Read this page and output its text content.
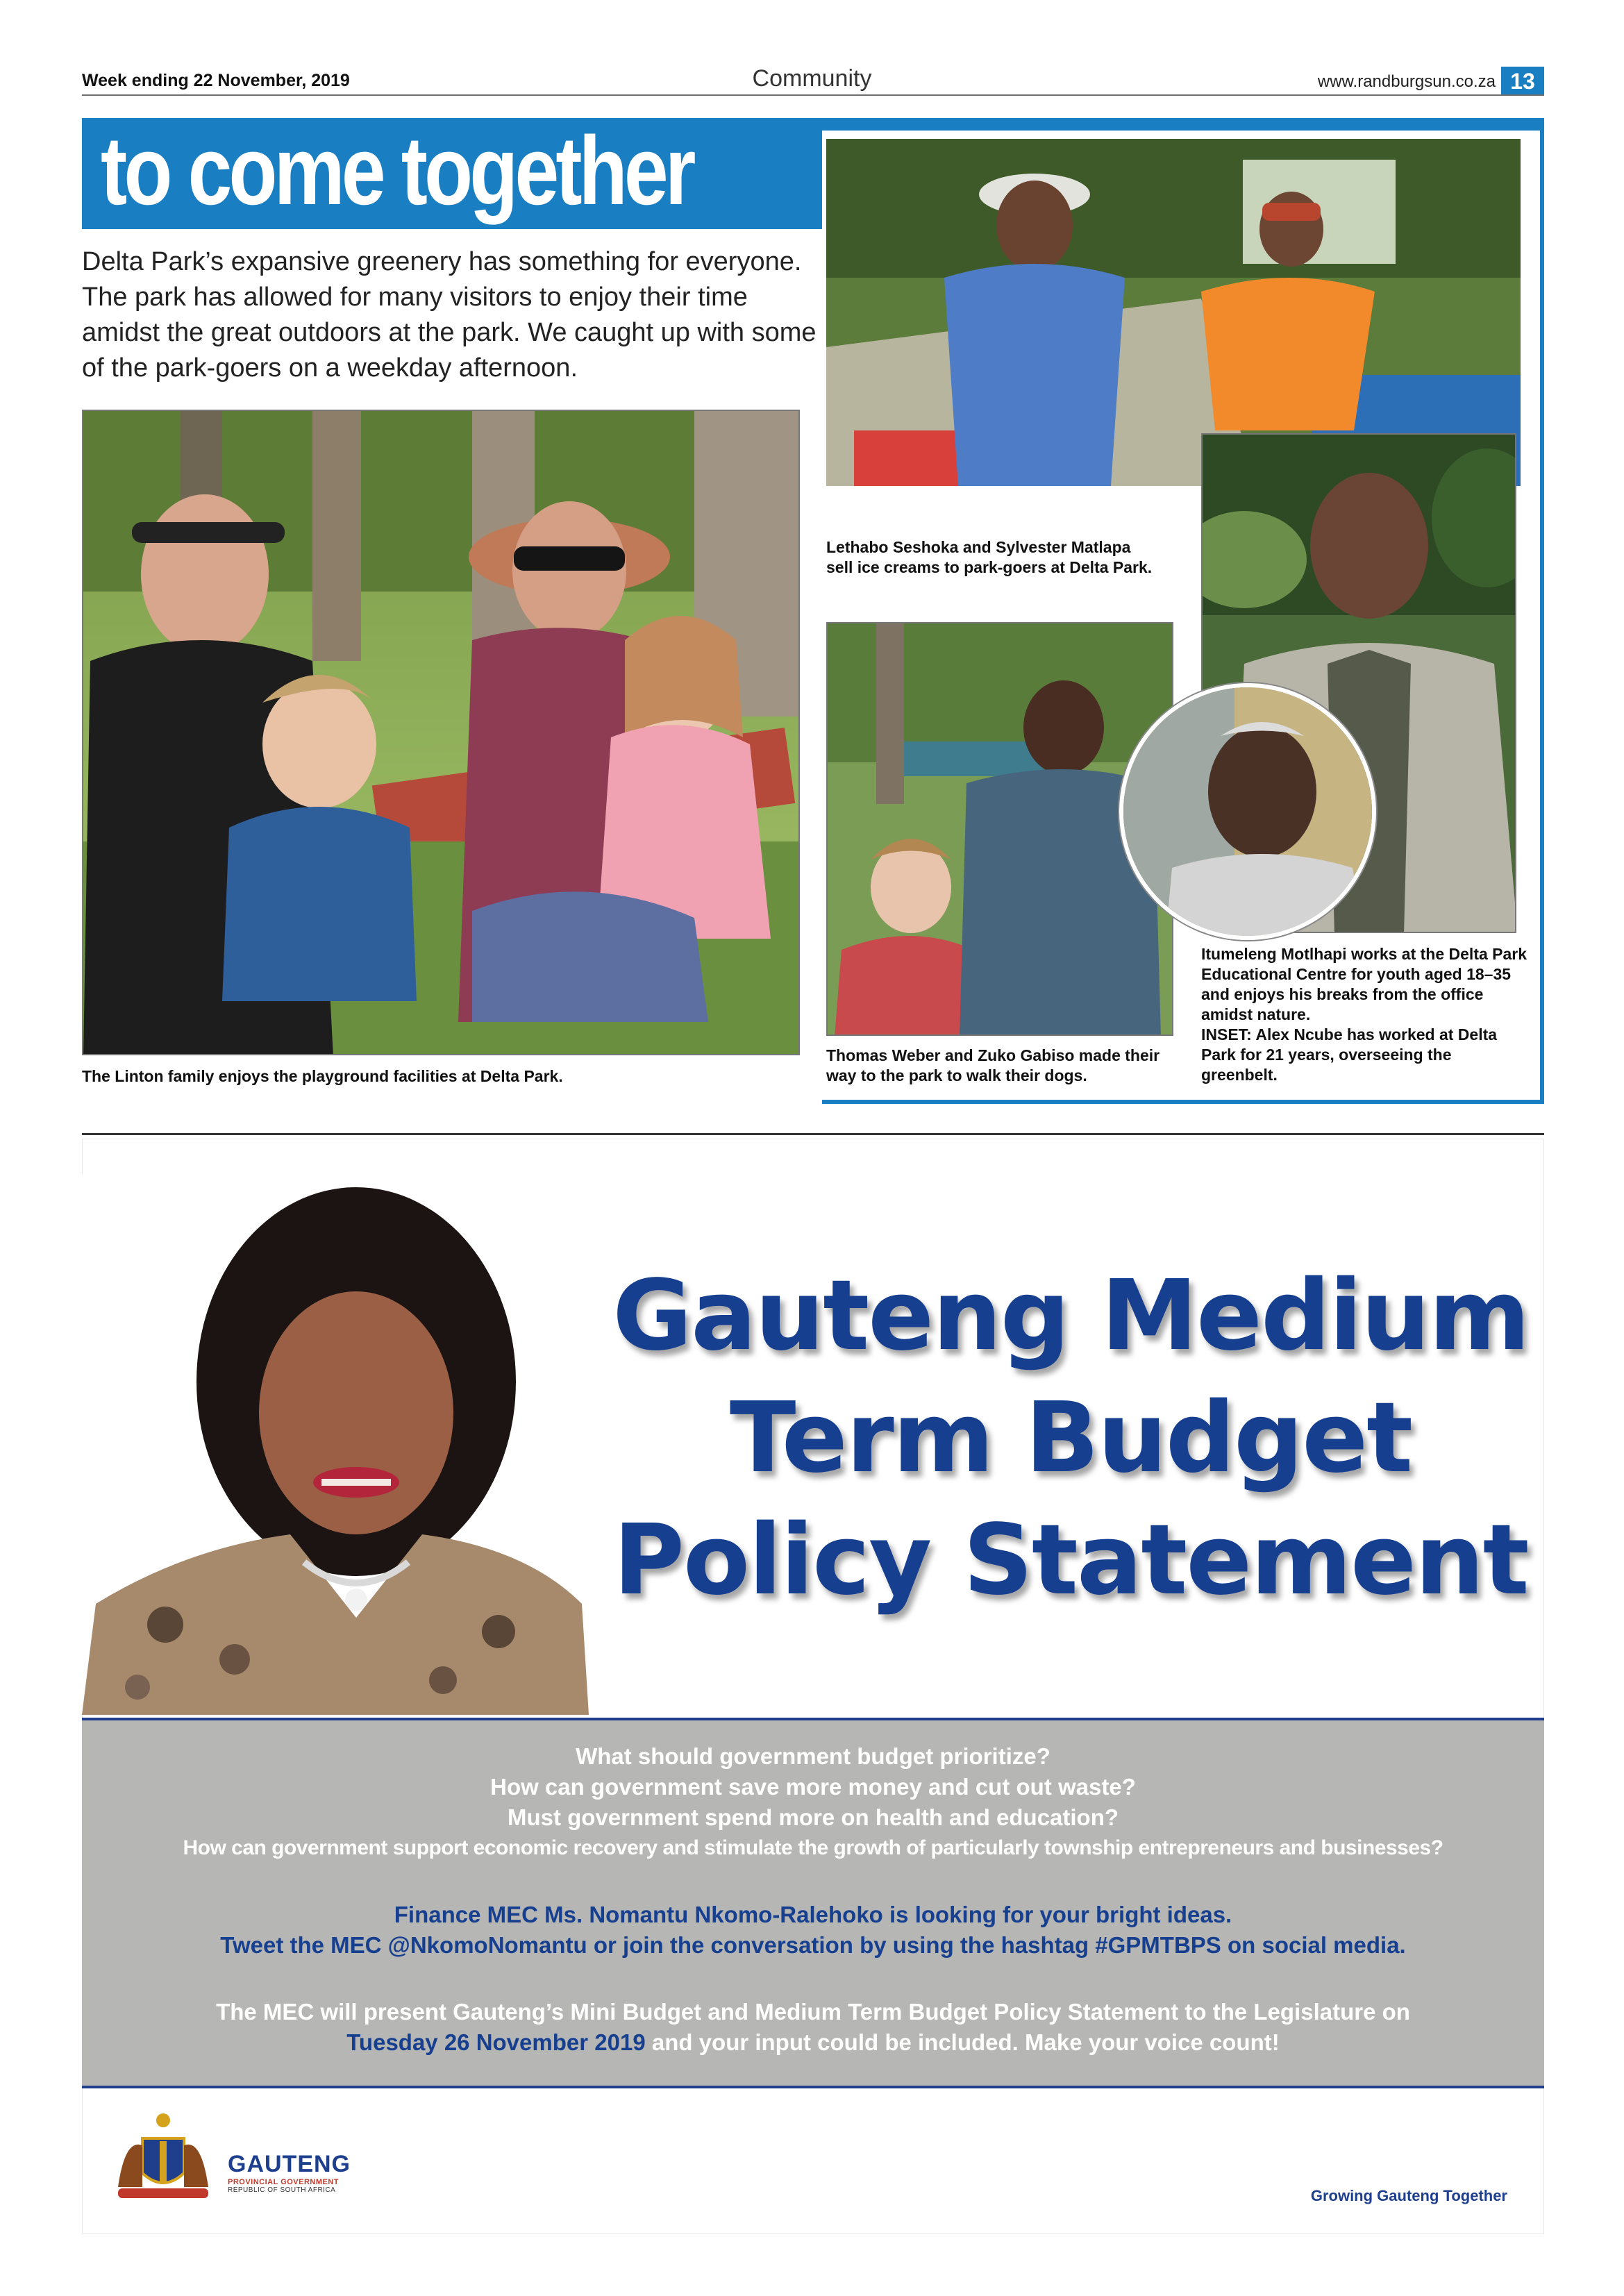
Week ending 22 November, 2019	Community	www.randburgsun.co.za 13
to come together

Delta Park’s expansive greenery has something for everyone. The park has allowed for many visitors to enjoy their time amidst the great outdoors at the park. We caught up with some of the park-goers on a weekday afternoon.

The Linton family enjoys the playground facilities at Delta Park.
Lethabo Seshoka and Sylvester Matlapa sell ice creams to park-goers at Delta Park.
Itumeleng Motlhapi works at the Delta Park Educational Centre for youth aged 18–35 and enjoys his breaks from the office amidst nature.
INSET: Alex Ncube has worked at Delta Park for 21 years, overseeing the greenbelt.
Thomas Weber and Zuko Gabiso made their way to the park to walk their dogs.
Gauteng Medium
Term Budget
Policy Statement
What should government budget prioritize?
How can government save more money and cut out waste?
Must government spend more on health and education?
How can government support economic recovery and stimulate the growth of particularly township entrepreneurs and businesses?
Finance MEC Ms. Nomantu Nkomo-Ralehoko is looking for your bright ideas.
Tweet the MEC @NkomoNomantu or join the conversation by using the hashtag #GPMTBPS on social media.
The MEC will present Gauteng’s Mini Budget and Medium Term Budget Policy Statement to the Legislature on
Tuesday 26 November 2019 and your input could be included. Make your voice count!
GAUTENG
PROVINCIAL GOVERNMENT
REPUBLIC OF SOUTH AFRICA	Growing Gauteng Together
